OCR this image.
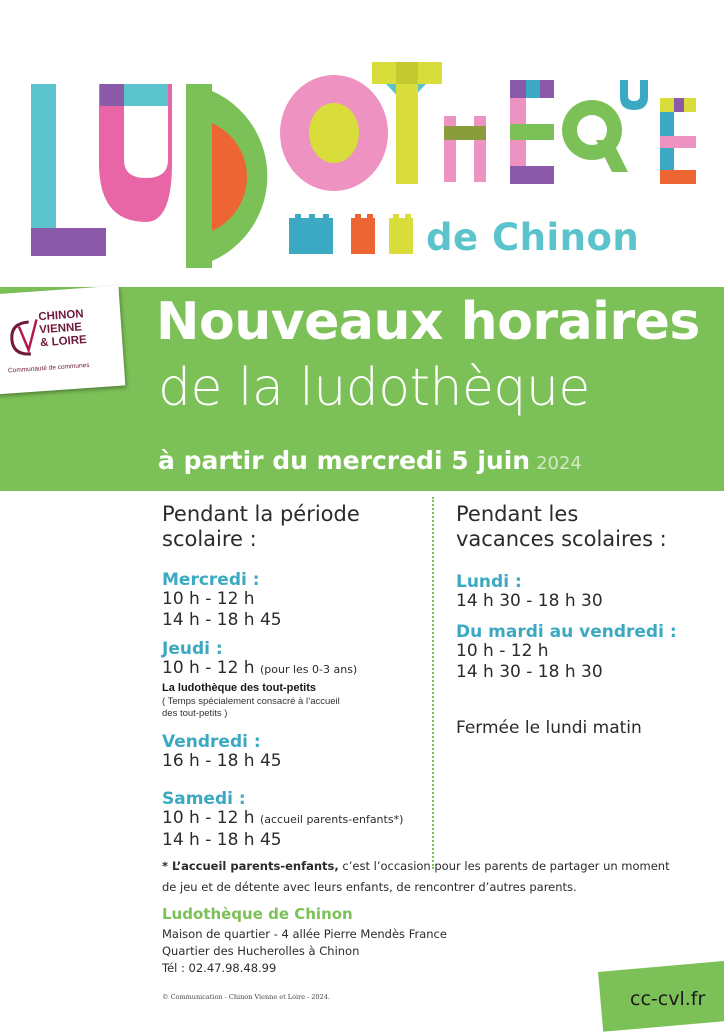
de Chinon
Nouveaux horaires
de la ludothèque
à partir du mercredi 5 juin 2024
CHINON
VIENNE
& LOIRE
Communauté de communes
Pendant la période
scolaire :
Mercredi :
10 h - 12 h
14 h - 18 h 45
Jeudi :
10 h - 12 h (pour les 0-3 ans)
La ludothèque des tout-petits
( Temps spécialement consacré à l’accueil
des tout-petits )
Vendredi :
16 h - 18 h 45
Samedi :
10 h - 12 h (accueil parents-enfants*)
14 h - 18 h 45
Pendant les
vacances scolaires :
Lundi :
14 h 30 - 18 h 30
Du mardi au vendredi :
10 h - 12 h
14 h 30 - 18 h 30
Fermée le lundi matin
* L’accueil parents-enfants, c’est l’occasion pour les parents de partager un moment de jeu et de détente avec leurs enfants, de rencontrer d’autres parents.
Ludothèque de Chinon
Maison de quartier - 4 allée Pierre Mendès France
Quartier des Hucherolles à Chinon
Tél : 02.47.98.48.99
© Communication - Chinon Vienne et Loire - 2024.	cc-cvl.fr
